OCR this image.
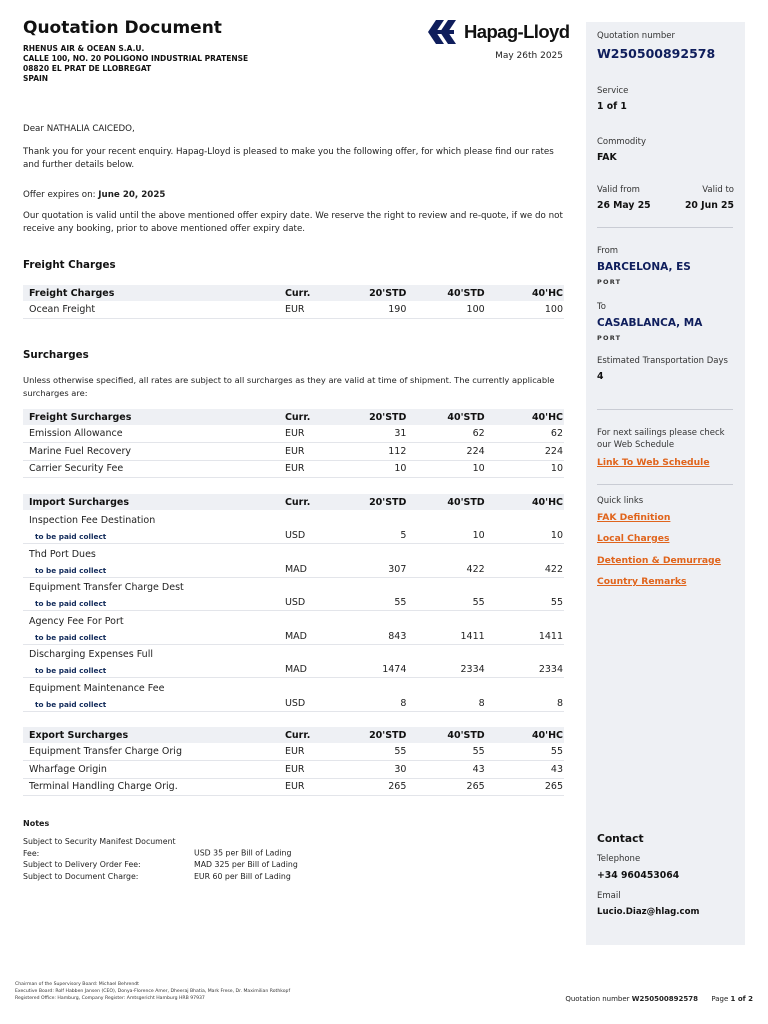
Quotation Document
RHENUS AIR & OCEAN S.A.U.
CALLE 100, NO. 20 POLIGONO INDUSTRIAL PRATENSE
08820 EL PRAT DE LLOBREGAT
SPAIN
Hapag-Lloyd
May 26th 2025
Dear NATHALIA CAICEDO,
Thank you for your recent enquiry. Hapag-Lloyd is pleased to make you the following offer, for which please find our rates and further details below.
Offer expires on: June 20, 2025
Our quotation is valid until the above mentioned offer expiry date. We reserve the right to review and re-quote, if we do not receive any booking, prior to above mentioned offer expiry date.
Freight Charges
Freight Charges	Curr.	20'STD	40'STD	40'HC
Ocean Freight	EUR	190	100	100
Surcharges
Unless otherwise specified, all rates are subject to all surcharges as they are valid at time of shipment. The currently applicable surcharges are:
Freight Surcharges	Curr.	20'STD	40'STD	40'HC
Emission Allowance	EUR	31	62	62
Marine Fuel Recovery	EUR	112	224	224
Carrier Security Fee	EUR	10	10	10
Import Surcharges	Curr.	20'STD	40'STD	40'HC

Inspection Fee Destination
to be paid collect	USD	5	10	10

Thd Port Dues
to be paid collect	MAD	307	422	422

Equipment Transfer Charge Dest
to be paid collect	USD	55	55	55

Agency Fee For Port
to be paid collect	MAD	843	1411	1411

Discharging Expenses Full
to be paid collect	MAD	1474	2334	2334

Equipment Maintenance Fee
to be paid collect	USD	8	8	8
Export Surcharges	Curr.	20'STD	40'STD	40'HC
Equipment Transfer Charge Orig	EUR	55	55	55
Wharfage Origin	EUR	30	43	43
Terminal Handling Charge Orig.	EUR	265	265	265
Notes
Subject to Security Manifest Document Fee:	USD 35 per Bill of Lading
Subject to Delivery Order Fee:	MAD 325 per Bill of Lading
Subject to Document Charge:	EUR 60 per Bill of Lading
Quotation number
W250500892578
Service
1 of 1
Commodity
FAK
Valid from
26 May 25
Valid to
20 Jun 25
From
BARCELONA, ES
PORT
To
CASABLANCA, MA
PORT
Estimated Transportation Days
4
For next sailings please check our Web Schedule
Link To Web Schedule
Quick links
FAK Definition
Local Charges
Detention & Demurrage
Country Remarks
Contact
Telephone
+34 960453064
Email
Lucio.Diaz@hlag.com
Chairman of the Supervisory Board: Michael Behrendt
Executive Board: Rolf Habben Jansen (CEO), Donya-Florence Amer, Dheeraj Bhatia, Mark Frese, Dr. Maximilian Rothkopf
Registered Office: Hamburg, Company Register: Amtsgericht Hamburg HRB 97937	Quotation number W250500892578 Page 1 of 2
